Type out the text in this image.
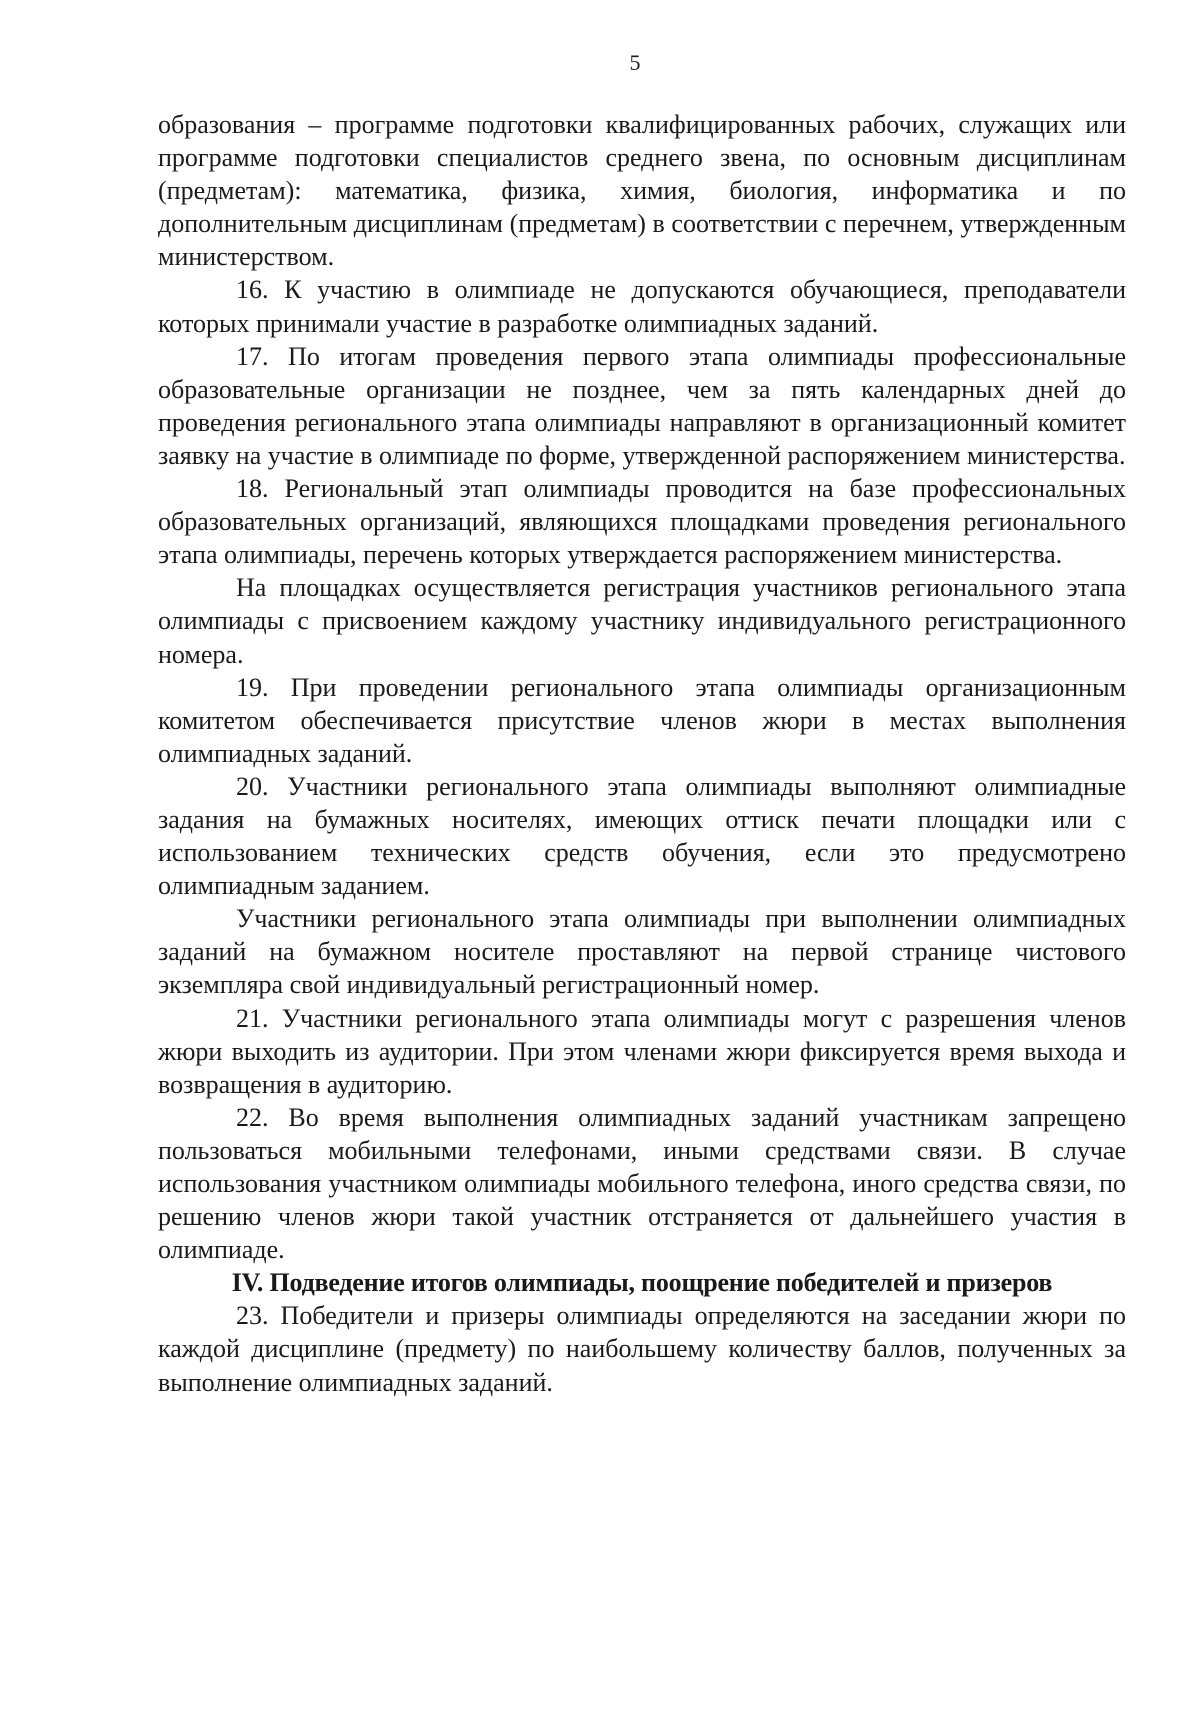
5

образования – программе подготовки квалифицированных рабочих, служащих или программе подготовки специалистов среднего звена, по основным дисциплинам (предметам): математика, физика, химия, биология, информатика и по дополнительным дисциплинам (предметам) в соответствии с перечнем, утвержденным министерством.

16. К участию в олимпиаде не допускаются обучающиеся, преподаватели которых принимали участие в разработке олимпиадных заданий.

17. По итогам проведения первого этапа олимпиады профессиональные образовательные организации не позднее, чем за пять календарных дней до проведения регионального этапа олимпиады направляют в организационный комитет заявку на участие в олимпиаде по форме, утвержденной распоряжением министерства.

18. Региональный этап олимпиады проводится на базе профессиональных образовательных организаций, являющихся площадками проведения регионального этапа олимпиады, перечень которых утверждается распоряжением министерства.

На площадках осуществляется регистрация участников регионального этапа олимпиады с присвоением каждому участнику индивидуального регистрационного номера.

19. При проведении регионального этапа олимпиады организационным комитетом обеспечивается присутствие членов жюри в местах выполнения олимпиадных заданий.

20. Участники регионального этапа олимпиады выполняют олимпиадные задания на бумажных носителях, имеющих оттиск печати площадки или с использованием технических средств обучения, если это предусмотрено олимпиадным заданием.

Участники регионального этапа олимпиады при выполнении олимпиадных заданий на бумажном носителе проставляют на первой странице чистового экземпляра свой индивидуальный регистрационный номер.

21. Участники регионального этапа олимпиады могут с разрешения членов жюри выходить из аудитории. При этом членами жюри фиксируется время выхода и возвращения в аудиторию.

22. Во время выполнения олимпиадных заданий участникам запрещено пользоваться мобильными телефонами, иными средствами связи. В случае использования участником олимпиады мобильного телефона, иного средства связи, по решению членов жюри такой участник отстраняется от дальнейшего участия в олимпиаде.

IV. Подведение итогов олимпиады, поощрение победителей и призеров

23. Победители и призеры олимпиады определяются на заседании жюри по каждой дисциплине (предмету) по наибольшему количеству баллов, полученных за выполнение олимпиадных заданий.
